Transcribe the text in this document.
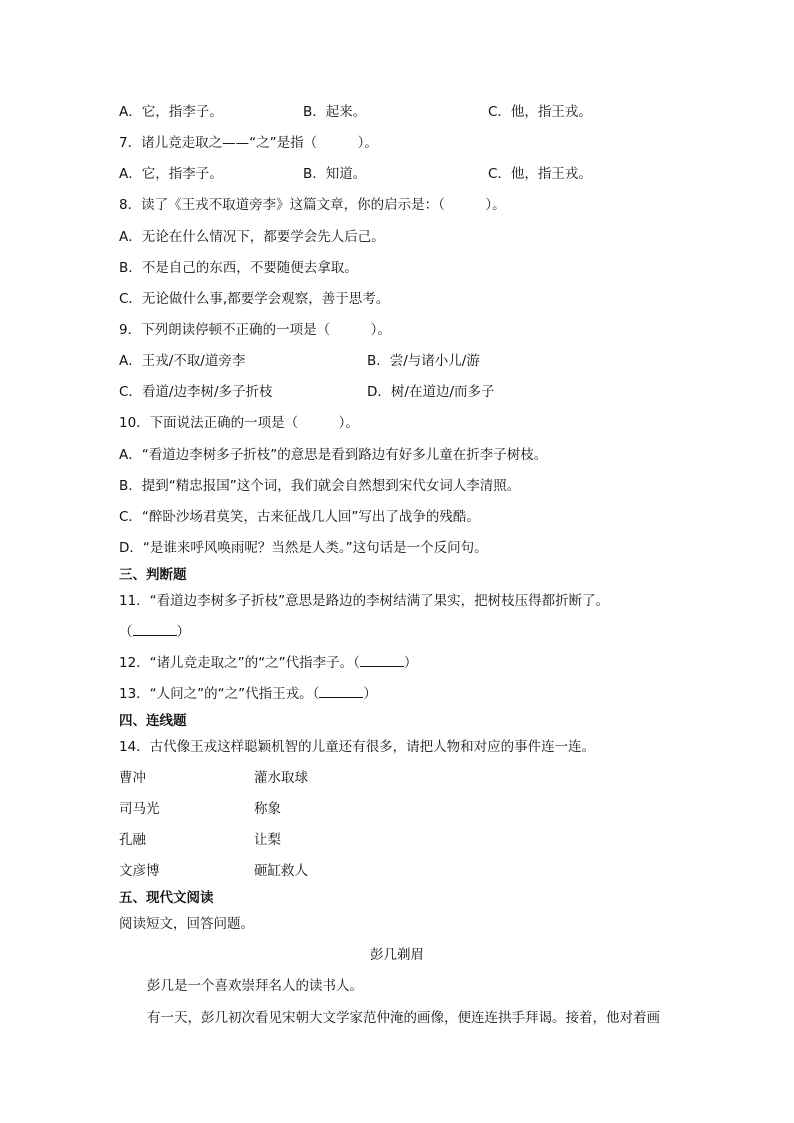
A．它，指李子。	B．起来。	C．他，指王戎。
7．诸儿竞走取之——“之”是指（　　　）。
A．它，指李子。	B．知道。	C．他，指王戎。
8．读了《王戎不取道旁李》这篇文章，你的启示是：（　　　）。
A．无论在什么情况下，都要学会先人后己。
B．不是自己的东西，不要随便去拿取。
C．无论做什么事,都要学会观察，善于思考。
9．下列朗读停顿不正确的一项是（　　　）。
A．王戎/不取/道旁李	B．尝/与诸小儿/游
C．看道/边李树/多子折枝	D．树/在道边/而多子
10．下面说法正确的一项是（　　　）。
A．“看道边李树多子折枝”的意思是看到路边有好多儿童在折李子树枝。
B．提到“精忠报国”这个词，我们就会自然想到宋代女词人李清照。
C．“醉卧沙场君莫笑，古来征战几人回”写出了战争的残酷。
D．“是谁来呼风唤雨呢？当然是人类。”这句话是一个反问句。
三、判断题
11．“看道边李树多子折枝”意思是路边的李树结满了果实，把树枝压得都折断了。
（	）
12．“诸儿竞走取之”的“之”代指李子。（	）
13．“人问之”的“之”代指王戎。（	）
四、连线题
14．古代像王戎这样聪颖机智的儿童还有很多，请把人物和对应的事件连一连。
曹冲	灌水取球
司马光	称象
孔融	让梨
文彦博	砸缸救人
五、现代文阅读
阅读短文，回答问题。
彭几剃眉
彭几是一个喜欢崇拜名人的读书人。
有一天，彭几初次看见宋朝大文学家范仲淹的画像，便连连拱手拜谒。接着，他对着画
